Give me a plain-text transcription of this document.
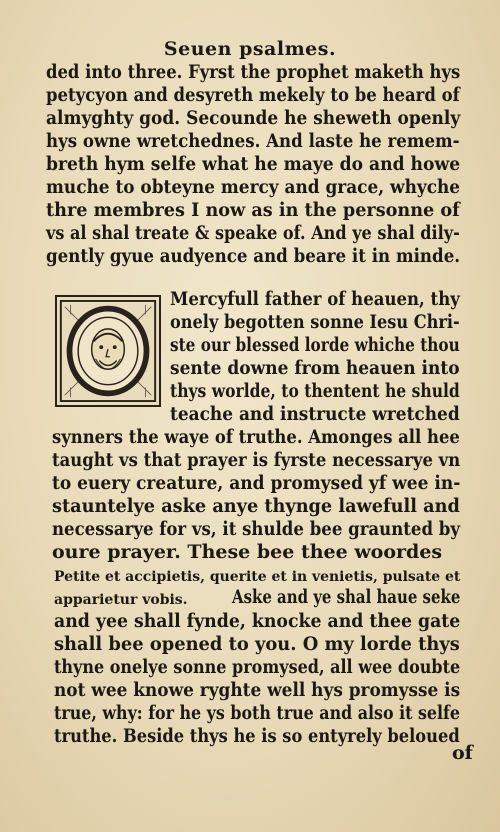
Seuen psalmes.
ded into three. Fyrst the prophet maketh hys
petycyon and desyreth mekely to be heard of
almyghty god. Secounde he sheweth openly
hys owne wretchednes. And laste he remem-
breth hym selfe what he maye do and howe
muche to obteyne mercy and grace, whyche
thre membres I now as in the personne of
vs al shal treate & speake of. And ye shal dily-
gently gyue audyence and beare it in minde.
Mercyfull father of heauen, thy
onely begotten sonne Iesu Chri-
ste our blessed lorde whiche thou
sente downe from heauen into
thys worlde, to thentent he shuld
teache and instructe wretched
synners the waye of truthe. Amonges all hee
taught vs that prayer is fyrste necessarye vn
to euery creature, and promysed yf wee in-
stauntelye aske anye thynge lawefull and
necessarye for vs, it shulde bee graunted by
oure prayer. These bee thee woordes
Petite et accipietis, querite et in venietis, pulsate et
apparietur vobis. Aske and ye shal haue seke
and yee shall fynde, knocke and thee gate
shall bee opened to you. O my lorde thys
thyne onelye sonne promysed, all wee doubte
not wee knowe ryghte well hys promysse is
true, why: for he ys both true and also it selfe
truthe. Beside thys he is so entyrely beloued
of
